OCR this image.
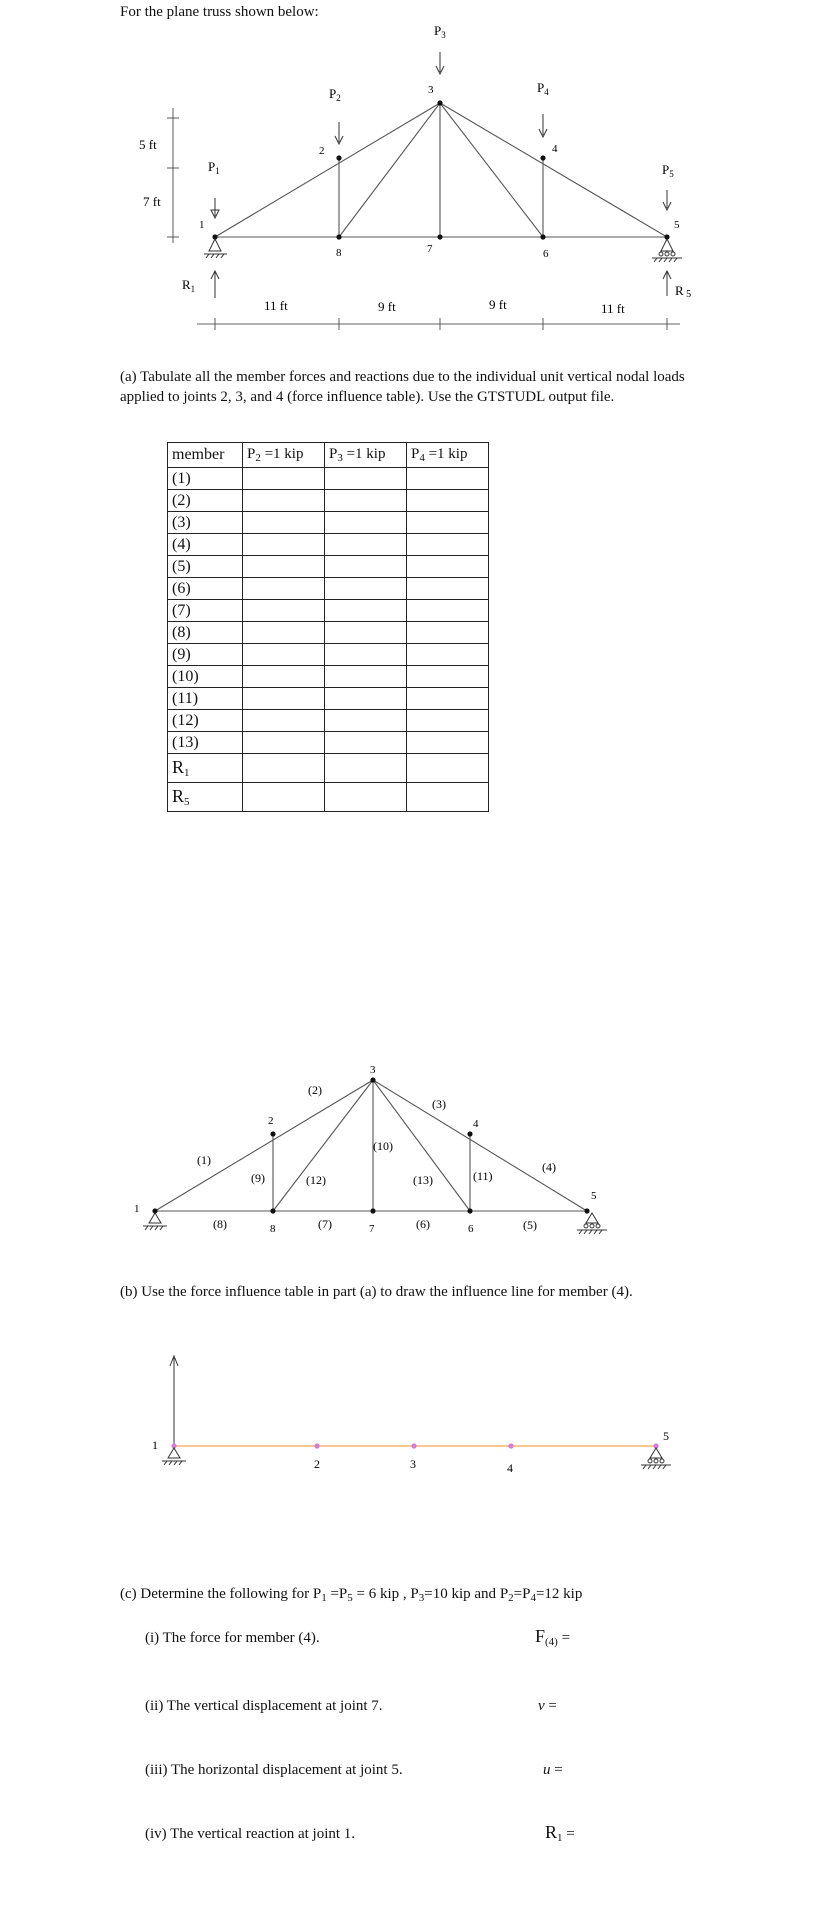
For the plane truss shown below:
$P_1$
$P_2$
$P_3$
$P_4$
$P_5$
1
2
3
4
5
6
7
8
$R_1$	R 5
5 ft
7 ft
11 ft	9 ft	9 ft	11 ft
(a) Tabulate all the member forces and reactions due to the individual unit vertical nodal loads applied to joints 2, 3, and 4 (force influence table). Use the GTSTUDL output file.
member	$P_2 =1$ kip	$P_3 =1$ kip	$P_4 =1$ kip
(1)			
(2)			
(3)			
(4)			
(5)			
(6)			
(7)			
(8)			
(9)			
(10)			
(11)			
(12)			
(13)			
$R_1$			
$R_5$			
1
2
3
4
5
6
7
8
(1)
(2)
(3)
(4)
(5)
(6)
(7)
(8)
(9)
(10)
(11)
(12)	(13)
(b) Use the force influence table in part (a) to draw the influence line for member (4).
1
2	3	4
5
(c) Determine the following for $P_1 =P_5 = 6$ kip , $P_3=10$ kip and $P_2=P_4=12$ kip
(i) The force for member (4).	$F_{(4)}$ =
(ii) The vertical displacement at joint 7.	v =
(iii) The horizontal displacement at joint 5.	u =
(iv) The vertical reaction at joint 1.	$R_1$ =
